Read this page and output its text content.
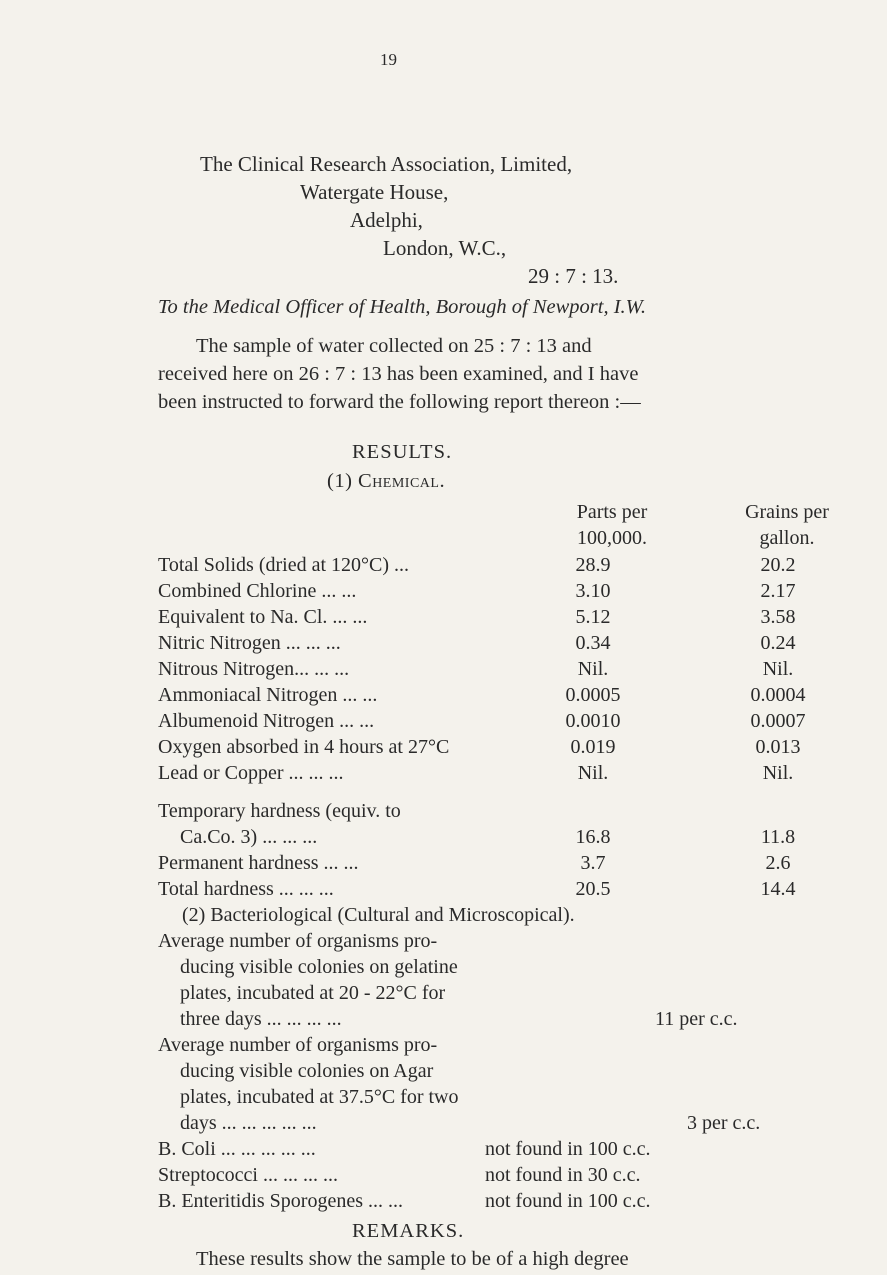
19
The Clinical Research Association, Limited,
Watergate House,
Adelphi,
London, W.C.,
29 : 7 : 13.
To the Medical Officer of Health, Borough of Newport, I.W.
The sample of water collected on 25 : 7 : 13 and
received here on 26 : 7 : 13 has been examined, and I have
been instructed to forward the following report thereon :—
RESULTS.
(1) Chemical.
Parts per
100,000.
Grains per
gallon.
Total Solids (dried at 120°C) ...	28.9	20.2
Combined Chlorine ... ...	3.10	2.17
Equivalent to Na. Cl. ... ...	5.12	3.58
Nitric Nitrogen ... ... ...	0.34	0.24
Nitrous Nitrogen... ... ...	Nil.	Nil.
Ammoniacal Nitrogen ... ...	0.0005	0.0004
Albumenoid Nitrogen ... ...	0.0010	0.0007
Oxygen absorbed in 4 hours at 27°C	0.019	0.013
Lead or Copper ... ... ...	Nil.	Nil.
Temporary hardness (equiv. to
Ca.Co. 3) ... ... ...	16.8	11.8
Permanent hardness ... ...	3.7	2.6
Total hardness ... ... ...	20.5	14.4
(2) Bacteriological (Cultural and Microscopical).
Average number of organisms pro-
ducing visible colonies on gelatine
plates, incubated at 20 - 22°C for
three days ... ... ... ...	11 per c.c.
Average number of organisms pro-
ducing visible colonies on Agar
plates, incubated at 37.5°C for two
days ... ... ... ... ...	3 per c.c.
B. Coli ... ... ... ... ...	not found in 100 c.c.
Streptococci ... ... ... ...	not found in 30 c.c.
B. Enteritidis Sporogenes ... ...	not found in 100 c.c.
REMARKS.
These results show the sample to be of a high degree
